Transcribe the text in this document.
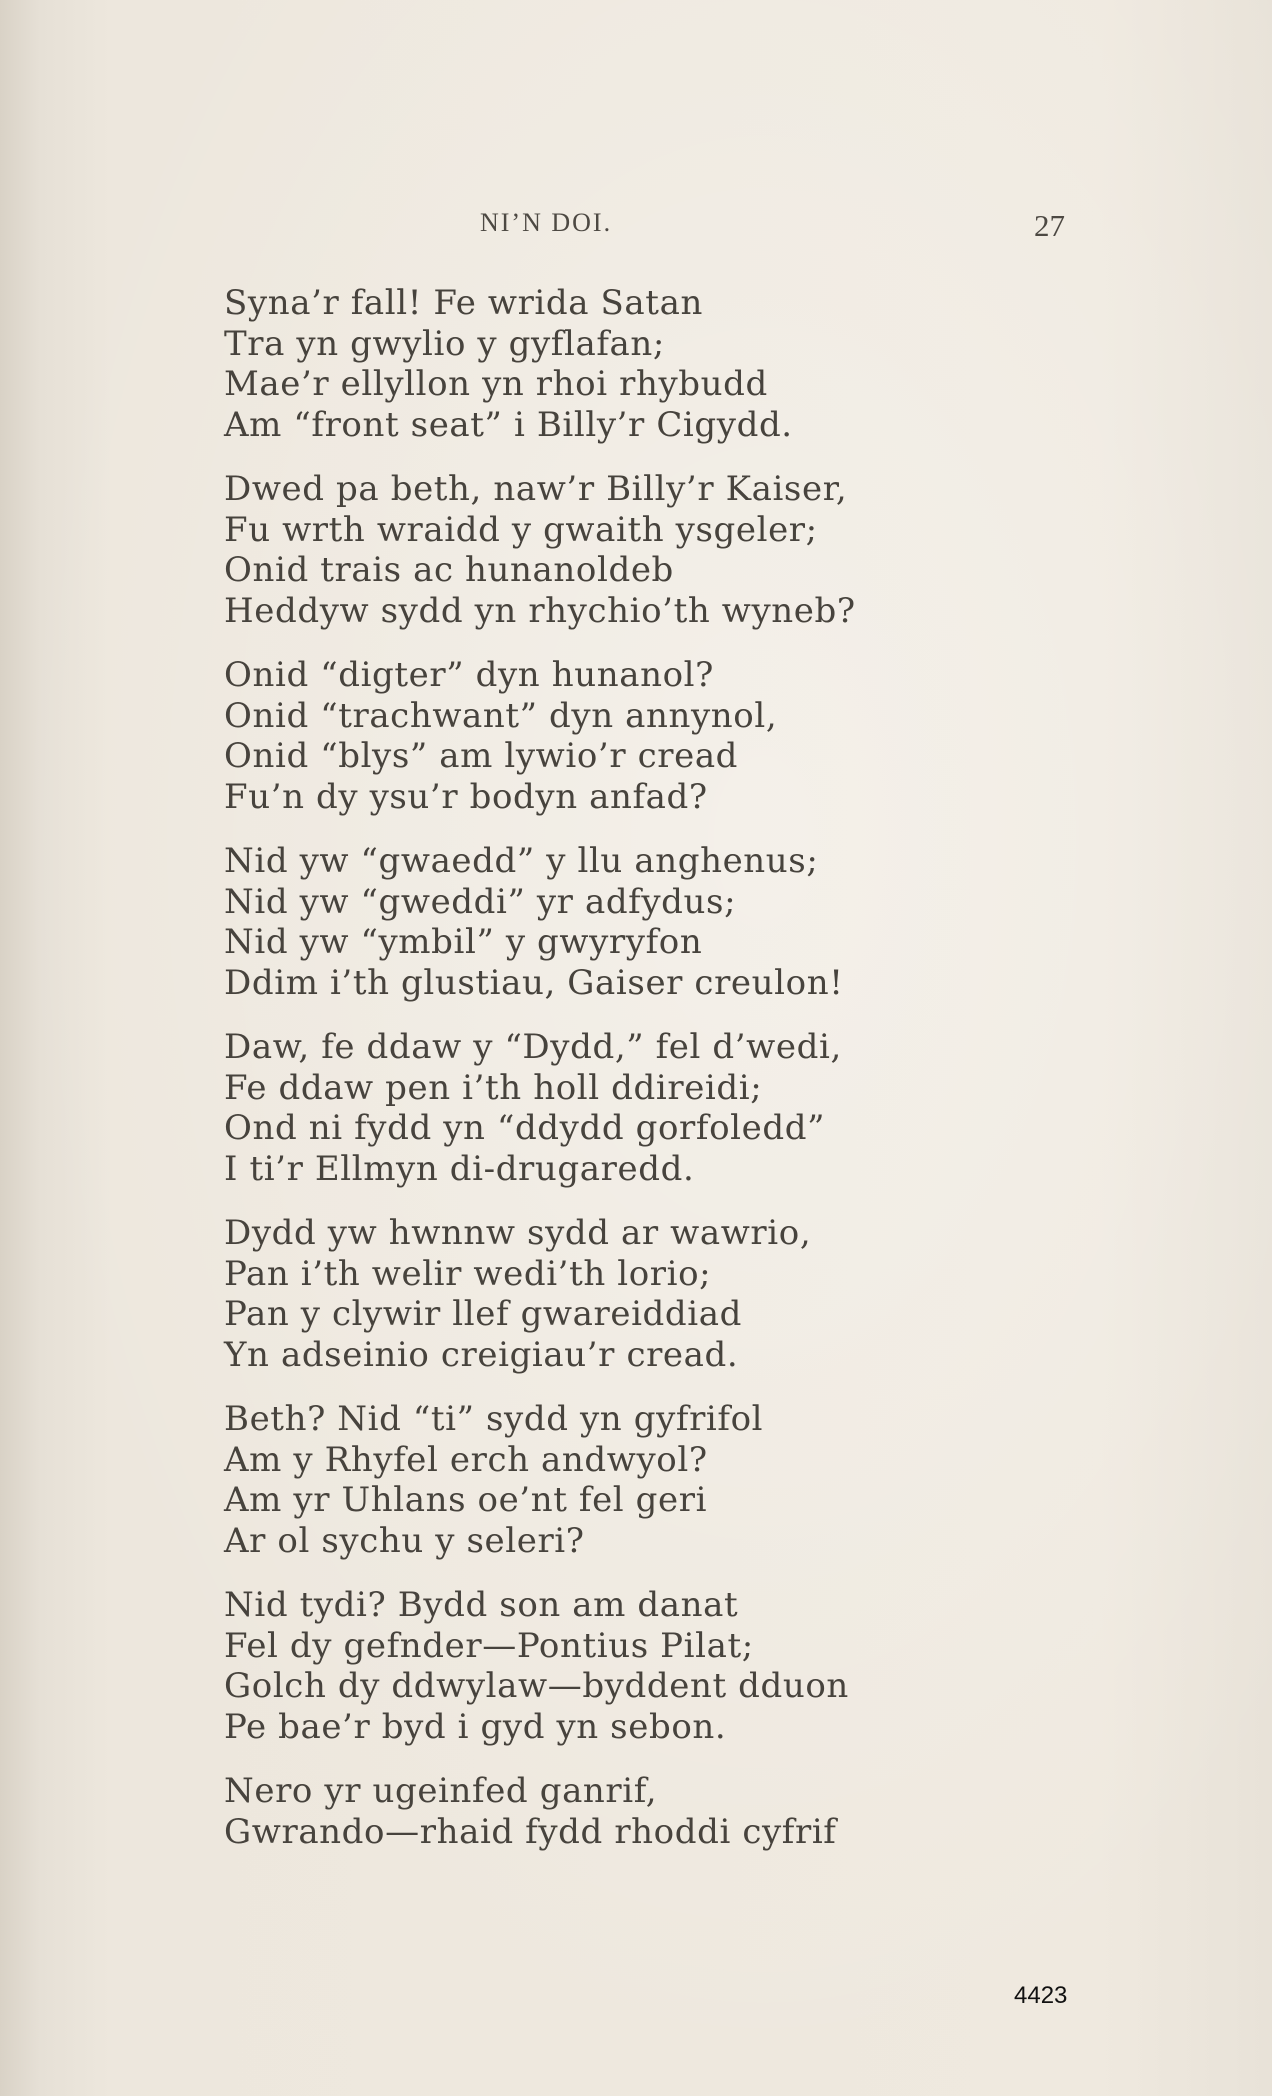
NI’N DOI.	27
Syna’r fall! Fe wrida Satan
Tra yn gwylio y gyflafan;
Mae’r ellyllon yn rhoi rhybudd
Am “front seat” i Billy’r Cigydd.
Dwed pa beth, naw’r Billy’r Kaiser,
Fu wrth wraidd y gwaith ysgeler;
Onid trais ac hunanoldeb
Heddyw sydd yn rhychio’th wyneb?
Onid “digter” dyn hunanol?
Onid “trachwant” dyn annynol,
Onid “blys” am lywio’r cread
Fu’n dy ysu’r bodyn anfad?
Nid yw “gwaedd” y llu anghenus;
Nid yw “gweddi” yr adfydus;
Nid yw “ymbil” y gwyryfon
Ddim i’th glustiau, Gaiser creulon!
Daw, fe ddaw y “Dydd,” fel d’wedi,
Fe ddaw pen i’th holl ddireidi;
Ond ni fydd yn “ddydd gorfoledd”
I ti’r Ellmyn di-drugaredd.
Dydd yw hwnnw sydd ar wawrio,
Pan i’th welir wedi’th lorio;
Pan y clywir llef gwareiddiad
Yn adseinio creigiau’r cread.
Beth? Nid “ti” sydd yn gyfrifol
Am y Rhyfel erch andwyol?
Am yr Uhlans oe’nt fel geri
Ar ol sychu y seleri?
Nid tydi? Bydd son am danat
Fel dy gefnder—Pontius Pilat;
Golch dy ddwylaw—byddent dduon
Pe bae’r byd i gyd yn sebon.
Nero yr ugeinfed ganrif,
Gwrando—rhaid fydd rhoddi cyfrif
4423
